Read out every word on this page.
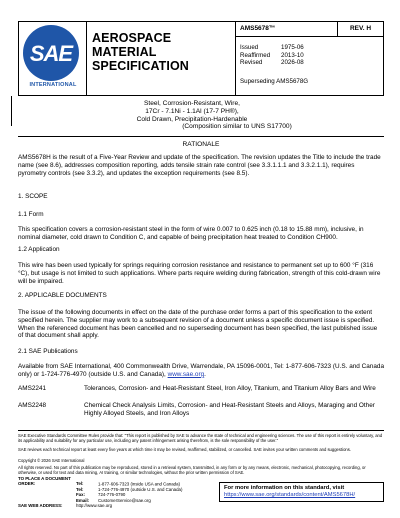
SAE
INTERNATIONAL
AEROSPACE
MATERIAL SPECIFICATION
AMS5678™	REV. H
Issued	1975-06
Reaffirmed 2013-10
Revised	2026-08
Superseding AMS5678G
Steel, Corrosion-Resistant, Wire,
17Cr - 7.1Ni - 1.1Al (17-7 PH®),
Cold Drawn, Precipitation-Hardenable
(Composition similar to UNS S17700)
RATIONALE
AMS5678H is the result of a Five-Year Review and update of the specification. The revision updates the Title to include the trade name (see 8.6), addresses composition reporting, adds tensile strain rate control (see 3.3.1.1.1 and 3.3.2.1.1), requires pyrometry controls (see 3.3.2), and updates the exception requirements (see 8.5).
1. SCOPE
1.1 Form
This specification covers a corrosion-resistant steel in the form of wire 0.007 to 0.625 inch (0.18 to 15.88 mm), inclusive, in nominal diameter, cold drawn to Condition C, and capable of being precipitation heat treated to Condition CH900.
1.2 Application
This wire has been used typically for springs requiring corrosion resistance and resistance to permanent set up to 600 °F (316 °C), but usage is not limited to such applications. Where parts require welding during fabrication, strength of this cold-drawn wire will be impaired.
2. APPLICABLE DOCUMENTS
The issue of the following documents in effect on the date of the purchase order forms a part of this specification to the extent specified herein. The supplier may work to a subsequent revision of a document unless a specific document issue is specified. When the referenced document has been cancelled and no superseding document has been specified, the last published issue of that document shall apply.
2.1 SAE Publications
Available from SAE International, 400 Commonwealth Drive, Warrendale, PA 15096-0001, Tel: 1-877-606-7323 (U.S. and Canada only) or 1-724-776-4970 (outside U.S. and Canada), www.sae.org.
AMS2241	Tolerances, Corrosion- and Heat-Resistant Steel, Iron Alloy, Titanium, and Titanium Alloy Bars and Wire
AMS2248	Chemical Check Analysis Limits, Corrosion- and Heat-Resistant Steels and Alloys, Maraging and Other Highly Alloyed Steels, and Iron Alloys
SAE Executive Standards Committee Rules provide that: "This report is published by SAE to advance the state of technical and engineering sciences. The use of this report is entirely voluntary, and its applicability and suitability for any particular use, including any patent infringement arising therefrom, is the sole responsibility of the user."
SAE reviews each technical report at least every five years at which time it may be revised, reaffirmed, stabilized, or cancelled. SAE invites your written comments and suggestions.
Copyright © 2026 SAE International
All rights reserved. No part of this publication may be reproduced, stored in a retrieval system, transmitted, in any form or by any means, electronic, mechanical, photocopying, recording, or otherwise, or used for text and data mining, AI training, or similar technologies, without the prior written permission of SAE.
TO PLACE A DOCUMENT ORDER:	Tel:	1-877-606-7323 (inside USA and Canada)
Tel:	1-724-776-4970 (outside U.S. and Canada)
Fax:	724-776-0790
Email: CustomerService@sae.org
SAE WEB ADDRESS:	http://www.sae.org
For more information on this standard, visit
https://www.sae.org/standards/content/AMS5678H/
